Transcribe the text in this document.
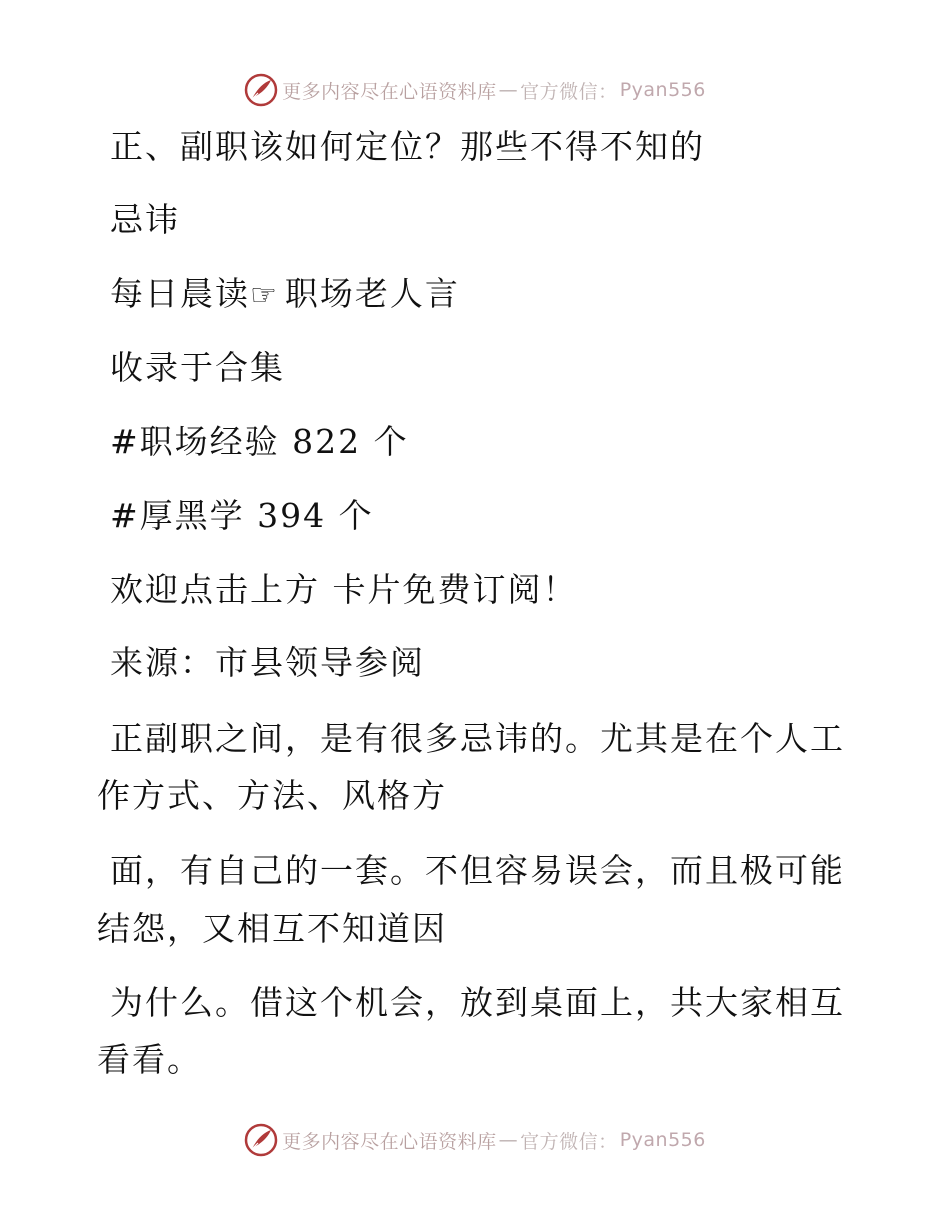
更多内容尽在心语资料库 — 官方微信： Pyan556
正、副职该如何定位？那些不得不知的
忌讳
每日晨读☞ 职场老人言
收录于合集
#职场经验 822 个
#厚黑学 394 个
欢迎点击上方 卡片免费订阅！
来源：市县领导参阅
正副职之间，是有很多忌讳的。尤其是在个人工
作方式、方法、风格方
面，有自己的一套。不但容易误会，而且极可能
结怨，又相互不知道因
为什么。借这个机会，放到桌面上，共大家相互
看看。
更多内容尽在心语资料库 — 官方微信： Pyan556
